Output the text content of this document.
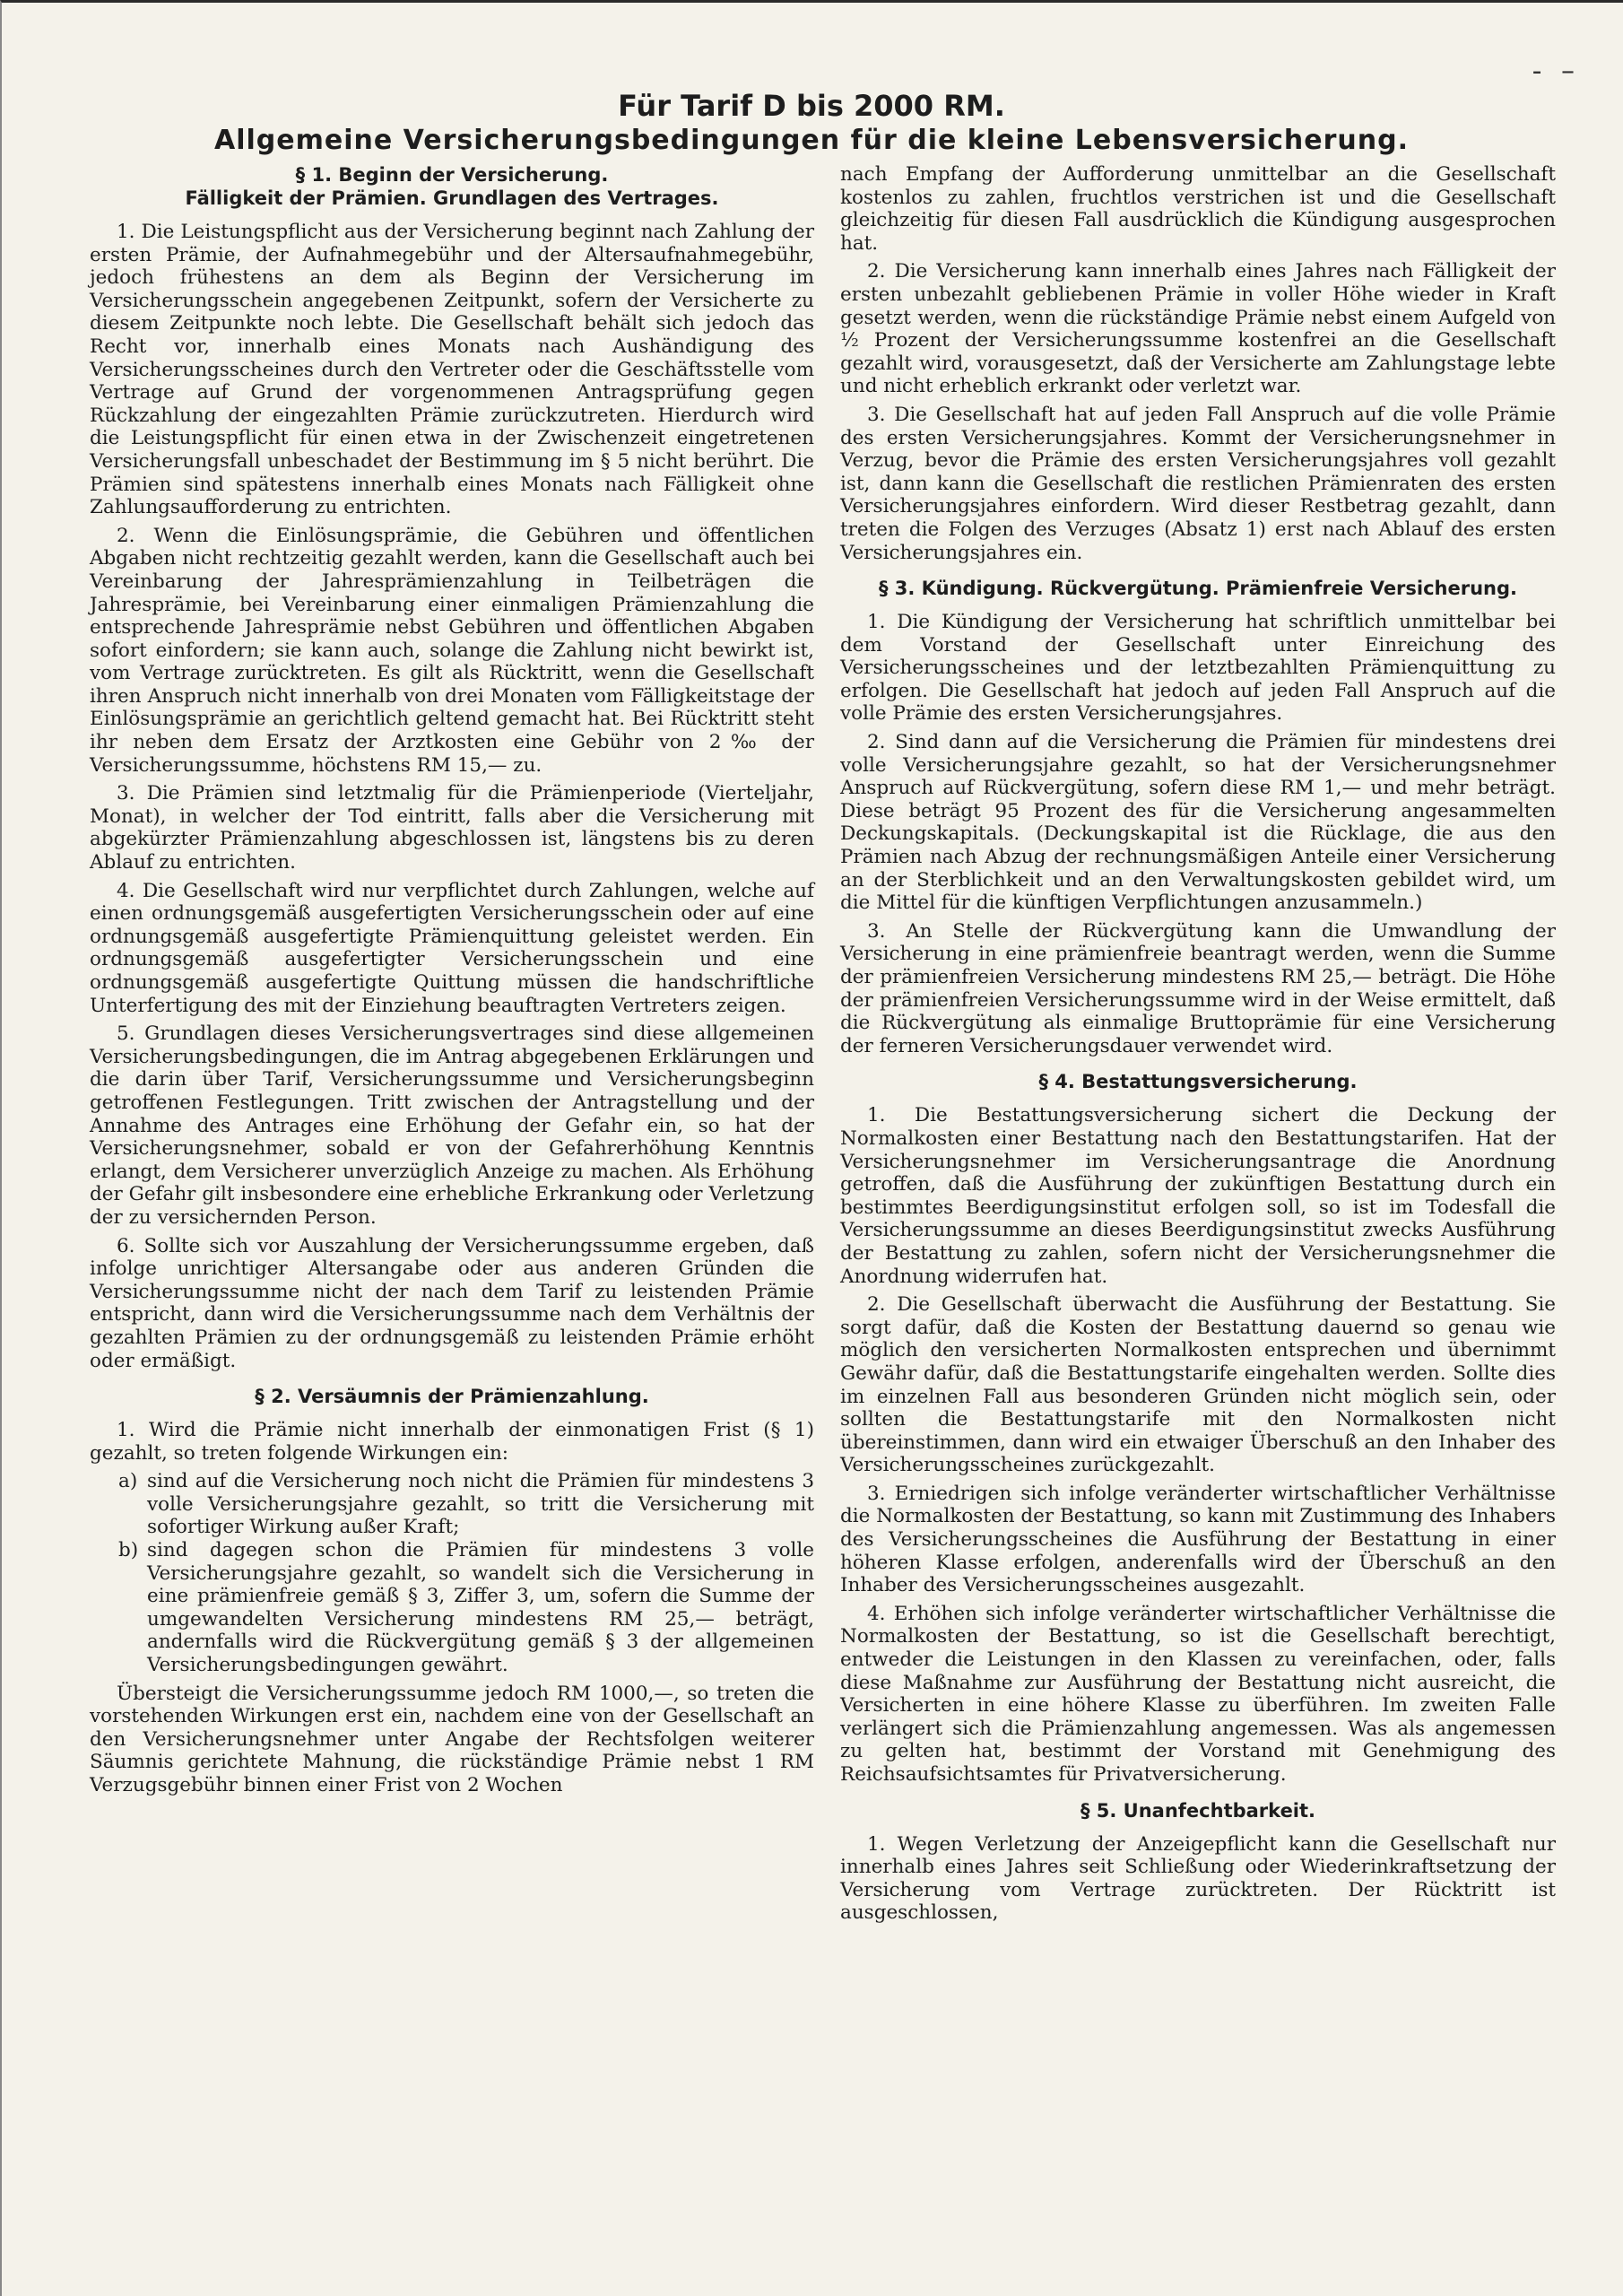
- –
Für Tarif D bis 2000 RM.
Allgemeine Versicherungsbedingungen für die kleine Lebensversicherung.
§ 1. Beginn der Versicherung.
Fälligkeit der Prämien. Grundlagen des Vertrages.

1. Die Leistungspflicht aus der Versicherung beginnt nach Zahlung der ersten Prämie, der Aufnahmegebühr und der Altersaufnahmegebühr, jedoch frühestens an dem als Beginn der Versicherung im Versicherungsschein angegebenen Zeitpunkt, sofern der Versicherte zu diesem Zeitpunkte noch lebte. Die Gesellschaft behält sich jedoch das Recht vor, innerhalb eines Monats nach Aushändigung des Versicherungsscheines durch den Vertreter oder die Geschäftsstelle vom Vertrage auf Grund der vorgenommenen Antragsprüfung gegen Rückzahlung der eingezahlten Prämie zurückzutreten. Hierdurch wird die Leistungspflicht für einen etwa in der Zwischenzeit eingetretenen Versicherungsfall unbeschadet der Bestimmung im § 5 nicht berührt. Die Prämien sind spätestens innerhalb eines Monats nach Fälligkeit ohne Zahlungsaufforderung zu entrichten.

2. Wenn die Einlösungsprämie, die Gebühren und öffentlichen Abgaben nicht rechtzeitig gezahlt werden, kann die Gesellschaft auch bei Vereinbarung der Jahresprämienzahlung in Teilbeträgen die Jahresprämie, bei Vereinbarung einer einmaligen Prämienzahlung die entsprechende Jahresprämie nebst Gebühren und öffentlichen Abgaben sofort einfordern; sie kann auch, solange die Zahlung nicht bewirkt ist, vom Vertrage zurücktreten. Es gilt als Rücktritt, wenn die Gesellschaft ihren Anspruch nicht innerhalb von drei Monaten vom Fälligkeitstage der Einlösungsprämie an gerichtlich geltend gemacht hat. Bei Rücktritt steht ihr neben dem Ersatz der Arztkosten eine Gebühr von 2‰ der Versicherungssumme, höchstens RM 15,— zu.

3. Die Prämien sind letztmalig für die Prämienperiode (Vierteljahr, Monat), in welcher der Tod eintritt, falls aber die Versicherung mit abgekürzter Prämienzahlung abgeschlossen ist, längstens bis zu deren Ablauf zu entrichten.

4. Die Gesellschaft wird nur verpflichtet durch Zahlungen, welche auf einen ordnungsgemäß ausgefertigten Versicherungsschein oder auf eine ordnungsgemäß ausgefertigte Prämienquittung geleistet werden. Ein ordnungsgemäß ausgefertigter Versicherungsschein und eine ordnungsgemäß ausgefertigte Quittung müssen die handschriftliche Unterfertigung des mit der Einziehung beauftragten Vertreters zeigen.

5. Grundlagen dieses Versicherungsvertrages sind diese allgemeinen Versicherungsbedingungen, die im Antrag abgegebenen Erklärungen und die darin über Tarif, Versicherungssumme und Versicherungsbeginn getroffenen Festlegungen. Tritt zwischen der Antragstellung und der Annahme des Antrages eine Erhöhung der Gefahr ein, so hat der Versicherungsnehmer, sobald er von der Gefahrerhöhung Kenntnis erlangt, dem Versicherer unverzüglich Anzeige zu machen. Als Erhöhung der Gefahr gilt insbesondere eine erhebliche Erkrankung oder Verletzung der zu versichernden Person.

6. Sollte sich vor Auszahlung der Versicherungssumme ergeben, daß infolge unrichtiger Altersangabe oder aus anderen Gründen die Versicherungssumme nicht der nach dem Tarif zu leistenden Prämie entspricht, dann wird die Versicherungssumme nach dem Verhältnis der gezahlten Prämien zu der ordnungsgemäß zu leistenden Prämie erhöht oder ermäßigt.

§ 2. Versäumnis der Prämienzahlung.

1. Wird die Prämie nicht innerhalb der einmonatigen Frist (§ 1) gezahlt, so treten folgende Wirkungen ein:

a) sind auf die Versicherung noch nicht die Prämien für mindestens 3 volle Versicherungsjahre gezahlt, so tritt die Versicherung mit sofortiger Wirkung außer Kraft;
b) sind dagegen schon die Prämien für mindestens 3 volle Versicherungsjahre gezahlt, so wandelt sich die Versicherung in eine prämienfreie gemäß § 3, Ziffer 3, um, sofern die Summe der umgewandelten Versicherung mindestens RM 25,— beträgt, andernfalls wird die Rückvergütung gemäß § 3 der allgemeinen Versicherungsbedingungen gewährt.

Übersteigt die Versicherungssumme jedoch RM 1000,—, so treten die vorstehenden Wirkungen erst ein, nachdem eine von der Gesellschaft an den Versicherungsnehmer unter Angabe der Rechtsfolgen weiterer Säumnis gerichtete Mahnung, die rückständige Prämie nebst 1 RM Verzugsgebühr binnen einer Frist von 2 Wochen

nach Empfang der Aufforderung unmittelbar an die Gesellschaft kostenlos zu zahlen, fruchtlos verstrichen ist und die Gesellschaft gleichzeitig für diesen Fall ausdrücklich die Kündigung ausgesprochen hat.

2. Die Versicherung kann innerhalb eines Jahres nach Fälligkeit der ersten unbezahlt gebliebenen Prämie in voller Höhe wieder in Kraft gesetzt werden, wenn die rückständige Prämie nebst einem Aufgeld von ½ Prozent der Versicherungssumme kostenfrei an die Gesellschaft gezahlt wird, vorausgesetzt, daß der Versicherte am Zahlungstage lebte und nicht erheblich erkrankt oder verletzt war.

3. Die Gesellschaft hat auf jeden Fall Anspruch auf die volle Prämie des ersten Versicherungsjahres. Kommt der Versicherungsnehmer in Verzug, bevor die Prämie des ersten Versicherungsjahres voll gezahlt ist, dann kann die Gesellschaft die restlichen Prämienraten des ersten Versicherungsjahres einfordern. Wird dieser Restbetrag gezahlt, dann treten die Folgen des Verzuges (Absatz 1) erst nach Ablauf des ersten Versicherungsjahres ein.

§ 3. Kündigung. Rückvergütung. Prämienfreie Versicherung.

1. Die Kündigung der Versicherung hat schriftlich unmittelbar bei dem Vorstand der Gesellschaft unter Einreichung des Versicherungsscheines und der letztbezahlten Prämienquittung zu erfolgen. Die Gesellschaft hat jedoch auf jeden Fall Anspruch auf die volle Prämie des ersten Versicherungsjahres.

2. Sind dann auf die Versicherung die Prämien für mindestens drei volle Versicherungsjahre gezahlt, so hat der Versicherungsnehmer Anspruch auf Rückvergütung, sofern diese RM 1,— und mehr beträgt. Diese beträgt 95 Prozent des für die Versicherung angesammelten Deckungskapitals. (Deckungskapital ist die Rücklage, die aus den Prämien nach Abzug der rechnungsmäßigen Anteile einer Versicherung an der Sterblichkeit und an den Verwaltungskosten gebildet wird, um die Mittel für die künftigen Verpflichtungen anzusammeln.)

3. An Stelle der Rückvergütung kann die Umwandlung der Versicherung in eine prämienfreie beantragt werden, wenn die Summe der prämienfreien Versicherung mindestens RM 25,— beträgt. Die Höhe der prämienfreien Versicherungssumme wird in der Weise ermittelt, daß die Rückvergütung als einmalige Bruttoprämie für eine Versicherung der ferneren Versicherungsdauer verwendet wird.

§ 4. Bestattungsversicherung.

1. Die Bestattungsversicherung sichert die Deckung der Normalkosten einer Bestattung nach den Bestattungstarifen. Hat der Versicherungsnehmer im Versicherungsantrage die Anordnung getroffen, daß die Ausführung der zukünftigen Bestattung durch ein bestimmtes Beerdigungsinstitut erfolgen soll, so ist im Todesfall die Versicherungssumme an dieses Beerdigungsinstitut zwecks Ausführung der Bestattung zu zahlen, sofern nicht der Versicherungsnehmer die Anordnung widerrufen hat.

2. Die Gesellschaft überwacht die Ausführung der Bestattung. Sie sorgt dafür, daß die Kosten der Bestattung dauernd so genau wie möglich den versicherten Normalkosten entsprechen und übernimmt Gewähr dafür, daß die Bestattungstarife eingehalten werden. Sollte dies im einzelnen Fall aus besonderen Gründen nicht möglich sein, oder sollten die Bestattungstarife mit den Normalkosten nicht übereinstimmen, dann wird ein etwaiger Überschuß an den Inhaber des Versicherungsscheines zurückgezahlt.

3. Erniedrigen sich infolge veränderter wirtschaftlicher Verhältnisse die Normalkosten der Bestattung, so kann mit Zustimmung des Inhabers des Versicherungsscheines die Ausführung der Bestattung in einer höheren Klasse erfolgen, anderenfalls wird der Überschuß an den Inhaber des Versicherungsscheines ausgezahlt.

4. Erhöhen sich infolge veränderter wirtschaftlicher Verhältnisse die Normalkosten der Bestattung, so ist die Gesellschaft berechtigt, entweder die Leistungen in den Klassen zu vereinfachen, oder, falls diese Maßnahme zur Ausführung der Bestattung nicht ausreicht, die Versicherten in eine höhere Klasse zu überführen. Im zweiten Falle verlängert sich die Prämienzahlung angemessen. Was als angemessen zu gelten hat, bestimmt der Vorstand mit Genehmigung des Reichsaufsichtsamtes für Privatversicherung.

§ 5. Unanfechtbarkeit.

1. Wegen Verletzung der Anzeigepflicht kann die Gesellschaft nur innerhalb eines Jahres seit Schließung oder Wiederinkraftsetzung der Versicherung vom Vertrage zurücktreten. Der Rücktritt ist ausgeschlossen,
